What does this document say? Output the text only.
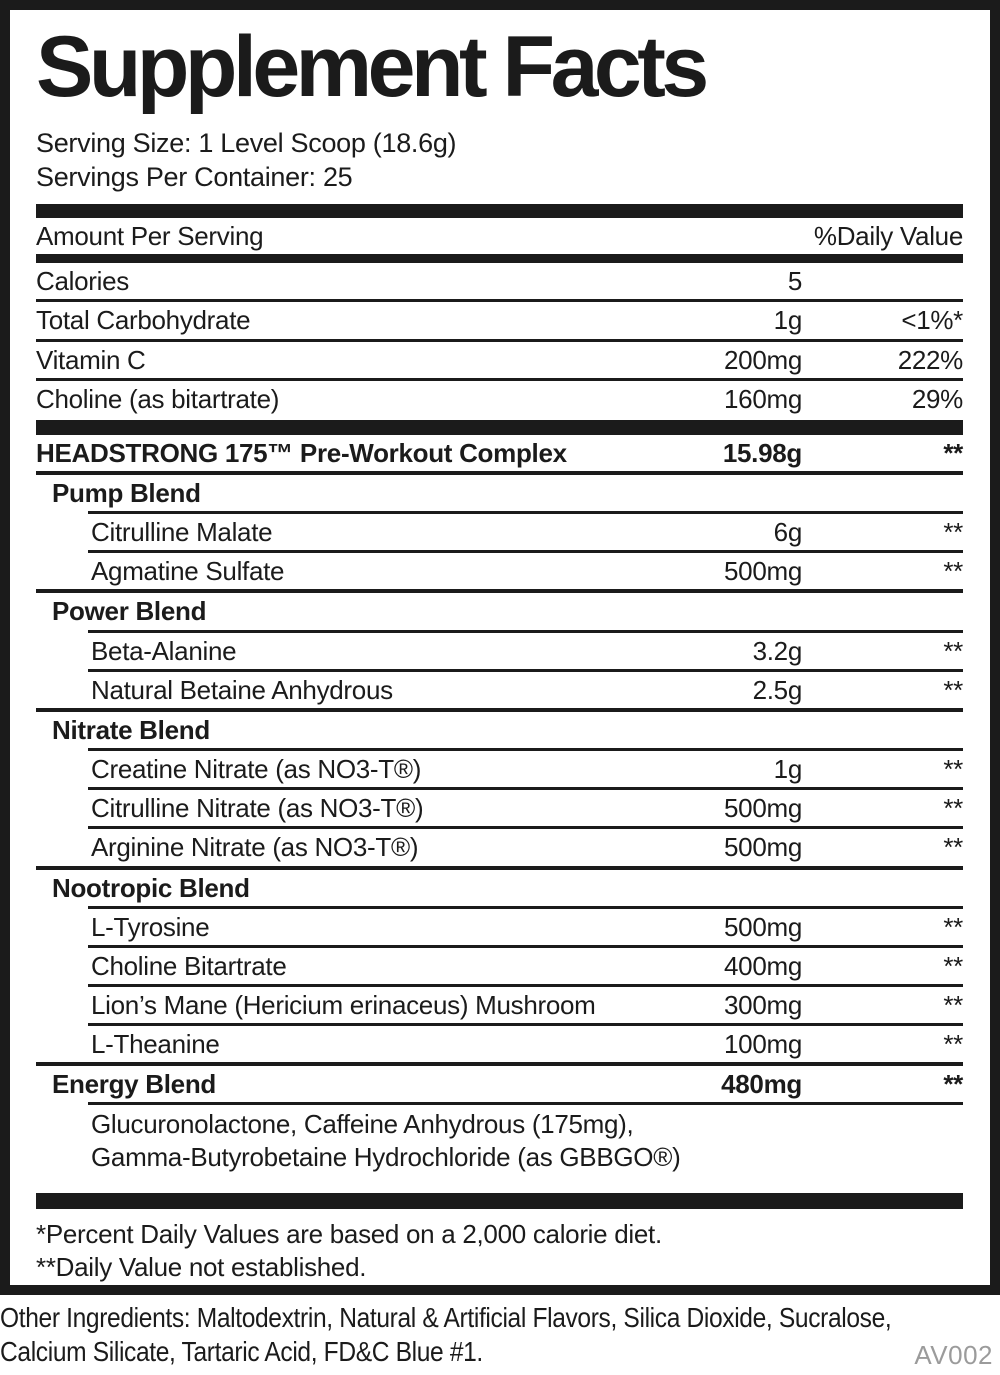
Supplement Facts

Serving Size: 1 Level Scoop (18.6g)

Servings Per Container: 25

Amount Per Serving	%Daily Value
Calories	5
Total Carbohydrate	1g	<1%*
Vitamin C	200mg	222%
Choline (as bitartrate)	160mg	29%
HEADSTRONG 175™ Pre-Workout Complex	15.98g	**
Pump Blend
Citrulline Malate	6g	**
Agmatine Sulfate	500mg	**
Power Blend
Beta-Alanine	3.2g	**
Natural Betaine Anhydrous	2.5g	**
Nitrate Blend
Creatine Nitrate (as NO3-T®)	1g	**
Citrulline Nitrate (as NO3-T®)	500mg	**
Arginine Nitrate (as NO3-T®)	500mg	**
Nootropic Blend
L-Tyrosine	500mg	**
Choline Bitartrate	400mg	**
Lion’s Mane (Hericium erinaceus) Mushroom	300mg	**
L-Theanine	100mg	**
Energy Blend	480mg	**

Glucuronolactone, Caffeine Anhydrous (175mg),

Gamma-Butyrobetaine Hydrochloride (as GBBGO®)

*Percent Daily Values are based on a 2,000 calorie diet.

**Daily Value not established.

Other Ingredients: Maltodextrin, Natural & Artificial Flavors, Silica Dioxide, Sucralose,

Calcium Silicate, Tartaric Acid, FD&C Blue #1.	AV002
